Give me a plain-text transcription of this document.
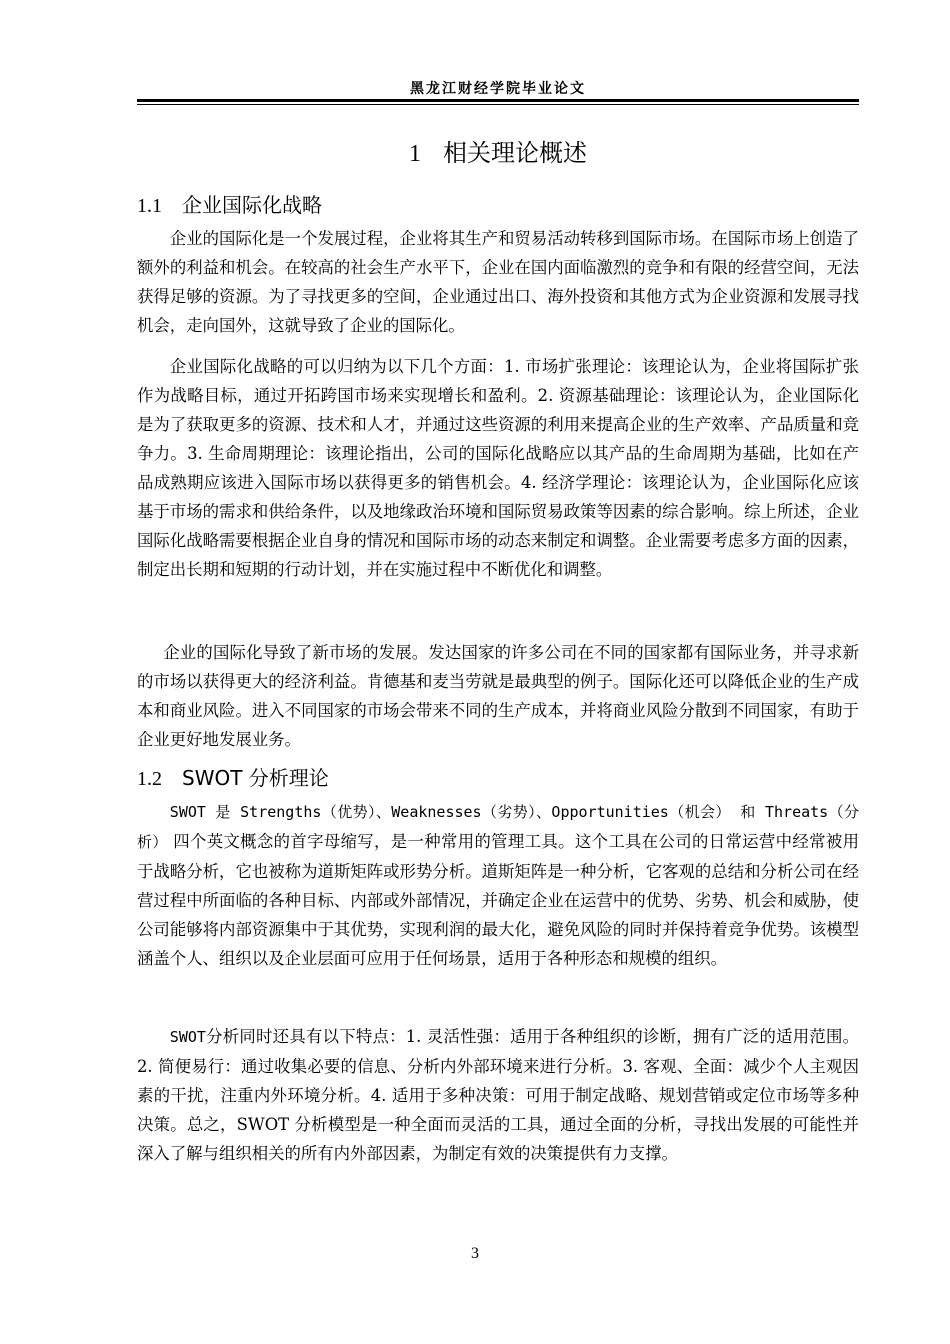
黑龙江财经学院毕业论文
1 相关理论概述
1.1 企业国际化战略

企业的国际化是一个发展过程，企业将其生产和贸易活动转移到国际市场。在国际市场上创造了额外的利益和机会。在较高的社会生产水平下，企业在国内面临激烈的竞争和有限的经营空间，无法获得足够的资源。为了寻找更多的空间，企业通过出口、海外投资和其他方式为企业资源和发展寻找机会，走向国外，这就导致了企业的国际化。

企业国际化战略的可以归纳为以下几个方面：1. 市场扩张理论：该理论认为，企业将国际扩张作为战略目标，通过开拓跨国市场来实现增长和盈利。2. 资源基础理论：该理论认为，企业国际化是为了获取更多的资源、技术和人才，并通过这些资源的利用来提高企业的生产效率、产品质量和竞争力。3. 生命周期理论：该理论指出，公司的国际化战略应以其产品的生命周期为基础，比如在产品成熟期应该进入国际市场以获得更多的销售机会。4. 经济学理论：该理论认为，企业国际化应该基于市场的需求和供给条件，以及地缘政治环境和国际贸易政策等因素的综合影响。综上所述，企业国际化战略需要根据企业自身的情况和国际市场的动态来制定和调整。企业需要考虑多方面的因素，制定出长期和短期的行动计划，并在实施过程中不断优化和调整。

企业的国际化导致了新市场的发展。发达国家的许多公司在不同的国家都有国际业务，并寻求新的市场以获得更大的经济利益。肯德基和麦当劳就是最典型的例子。国际化还可以降低企业的生产成本和商业风险。进入不同国家的市场会带来不同的生产成本，并将商业风险分散到不同国家，有助于企业更好地发展业务。

1.2 SWOT 分析理论

SWOT 是 Strengths（优势）、Weaknesses（劣势）、Opportunities（机会） 和 Threats（分析） 四个英文概念的首字母缩写，是一种常用的管理工具。这个工具在公司的日常运营中经常被用于战略分析，它也被称为道斯矩阵或形势分析。道斯矩阵是一种分析，它客观的总结和分析公司在经营过程中所面临的各种目标、内部或外部情况，并确定企业在运营中的优势、劣势、机会和威胁，使公司能够将内部资源集中于其优势，实现利润的最大化，避免风险的同时并保持着竞争优势。该模型涵盖个人、组织以及企业层面可应用于任何场景，适用于各种形态和规模的组织。

SWOT分析同时还具有以下特点：1. 灵活性强：适用于各种组织的诊断，拥有广泛的适用范围。2. 简便易行：通过收集必要的信息、分析内外部环境来进行分析。3. 客观、全面：减少个人主观因素的干扰，注重内外环境分析。4. 适用于多种决策：可用于制定战略、规划营销或定位市场等多种决策。总之，SWOT 分析模型是一种全面而灵活的工具，通过全面的分析，寻找出发展的可能性并深入了解与组织相关的所有内外部因素，为制定有效的决策提供有力支撑。

3
